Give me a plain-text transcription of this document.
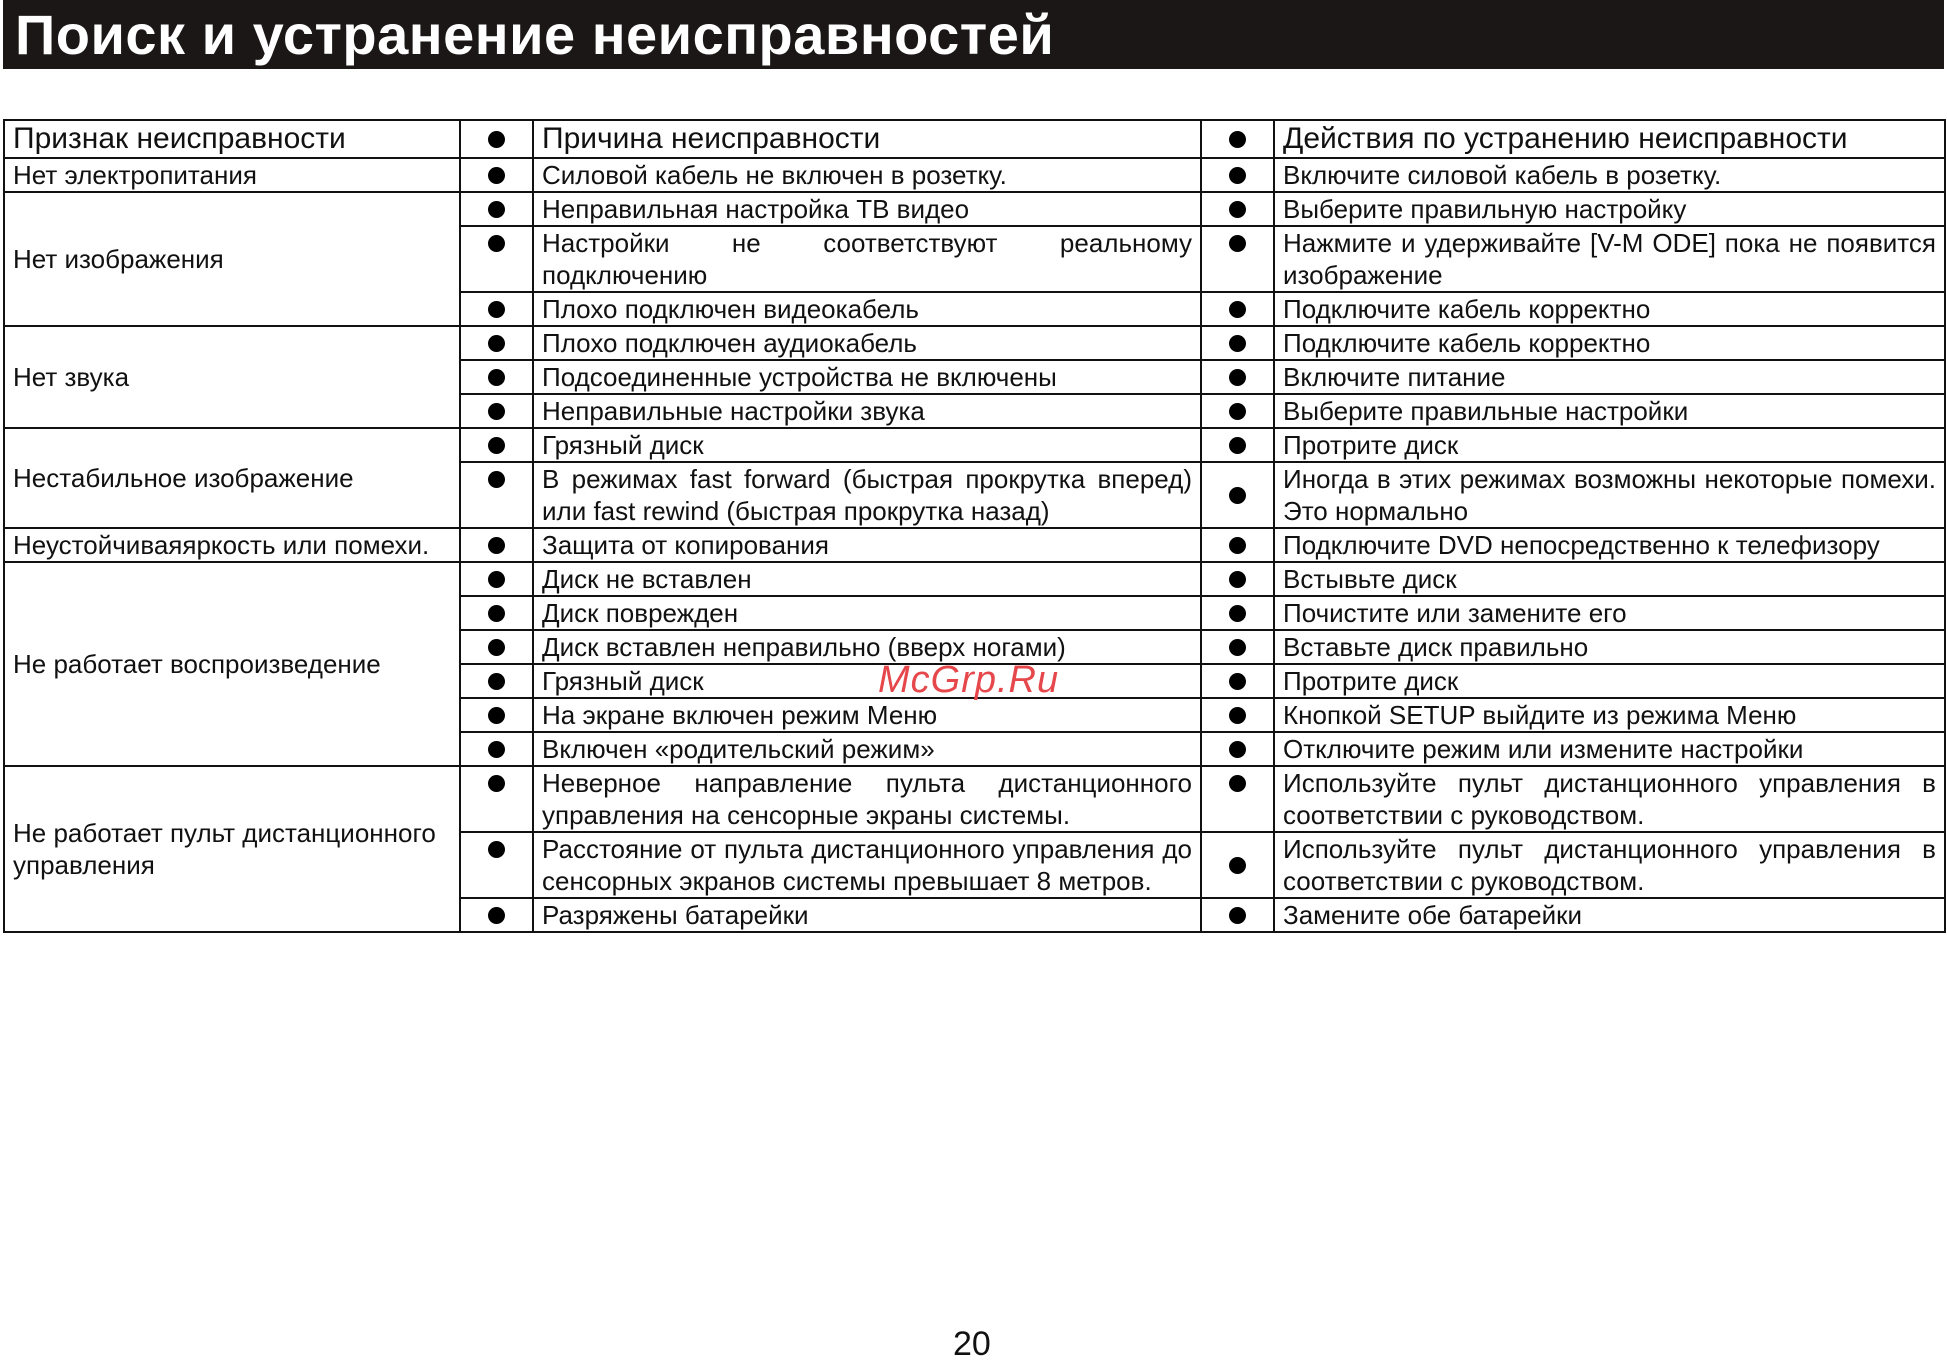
Поиск и устранение неисправностей
Признак неисправности		Причина неисправности		Действия по устранению неисправности
Нет электропитания		Силовой кабель не включен в розетку.		Включите силовой кабель в розетку.
Нет изображения		Неправильная настройка ТВ видео		Выберите правильную настройку
		Настройки не соответствуют реальному подключению		Нажмите и удерживайте [V-M ODE] пока не появится изображение
		Плохо подключен видеокабель		Подключите кабель корректно
Нет звука		Плохо подключен аудиокабель		Подключите кабель корректно
		Подсоединенные устройства не включены		Включите питание
		Неправильные настройки звука		Выберите правильные настройки
Нестабильное изображение		Грязный диск		Протрите диск
		В режимах fast forward (быстрая прокрутка вперед) или fast rewind (быстрая прокрутка назад)		Иногда в этих режимах возможны некоторые помехи. Это нормально
Неустойчиваяяркость или помехи.		Защита от копирования		Подключите DVD непосредственно к телефизору
Не работает воспроизведение		Диск не вставлен		Встывьте диск
		Диск поврежден		Почистите или замените его
		Диск вставлен неправильно (вверх ногами)		Вставьте диск правильно
		Грязный диск		Протрите диск
		На экране включен режим Меню		Кнопкой SETUP выйдите из режима Меню
		Включен «родительский режим»		Отключите режим или измените настройки
Не работает пульт дистанционного управления		Неверное направление пульта дистанционного управления на сенсорные экраны системы.		Используйте пульт дистанционного управления в соответствии с руководством.
		Расстояние от пульта дистанционного управления до сенсорных экранов системы превышает 8 метров.		Используйте пульт дистанционного управления в соответствии с руководством.
		Разряжены батарейки		Замените обе батарейки
McGrp.Ru
20
